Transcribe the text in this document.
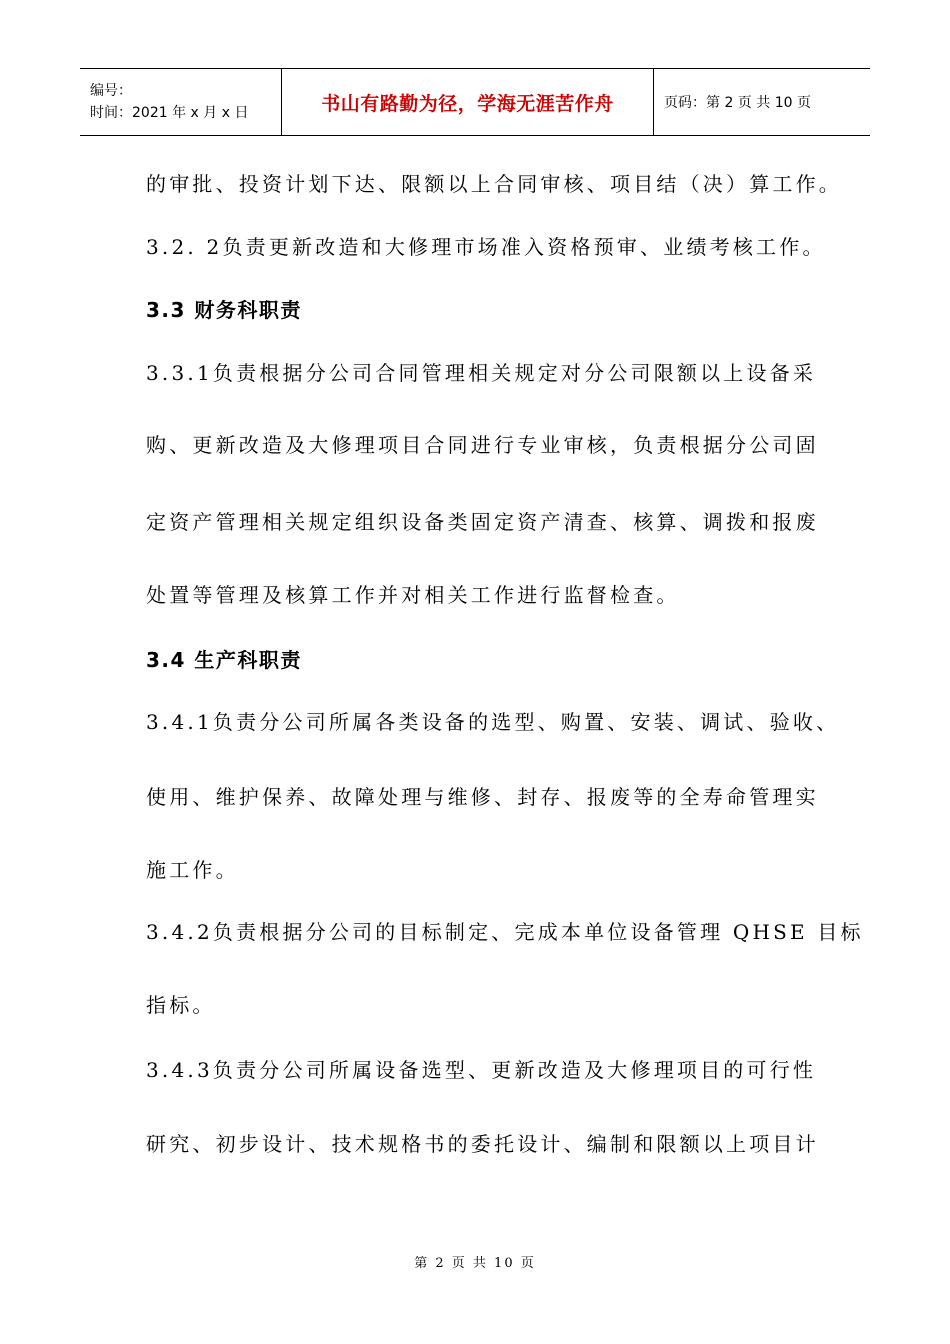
编号：
时间：2021 年 x 月 x 日	书山有路勤为径，学海无涯苦作舟	页码：第 2 页 共 10 页
的审批、投资计划下达、限额以上合同审核、项目结（决）算工作。
3.2. 2负责更新改造和大修理市场准入资格预审、业绩考核工作。
3.3 财务科职责
3.3.1负责根据分公司合同管理相关规定对分公司限额以上设备采
购、更新改造及大修理项目合同进行专业审核，负责根据分公司固
定资产管理相关规定组织设备类固定资产清查、核算、调拨和报废
处置等管理及核算工作并对相关工作进行监督检查。
3.4 生产科职责
3.4.1负责分公司所属各类设备的选型、购置、安装、调试、验收、
使用、维护保养、故障处理与维修、封存、报废等的全寿命管理实
施工作。
3.4.2负责根据分公司的目标制定、完成本单位设备管理 QHSE 目标
指标。
3.4.3负责分公司所属设备选型、更新改造及大修理项目的可行性
研究、初步设计、技术规格书的委托设计、编制和限额以上项目计
第 2 页 共 10 页
